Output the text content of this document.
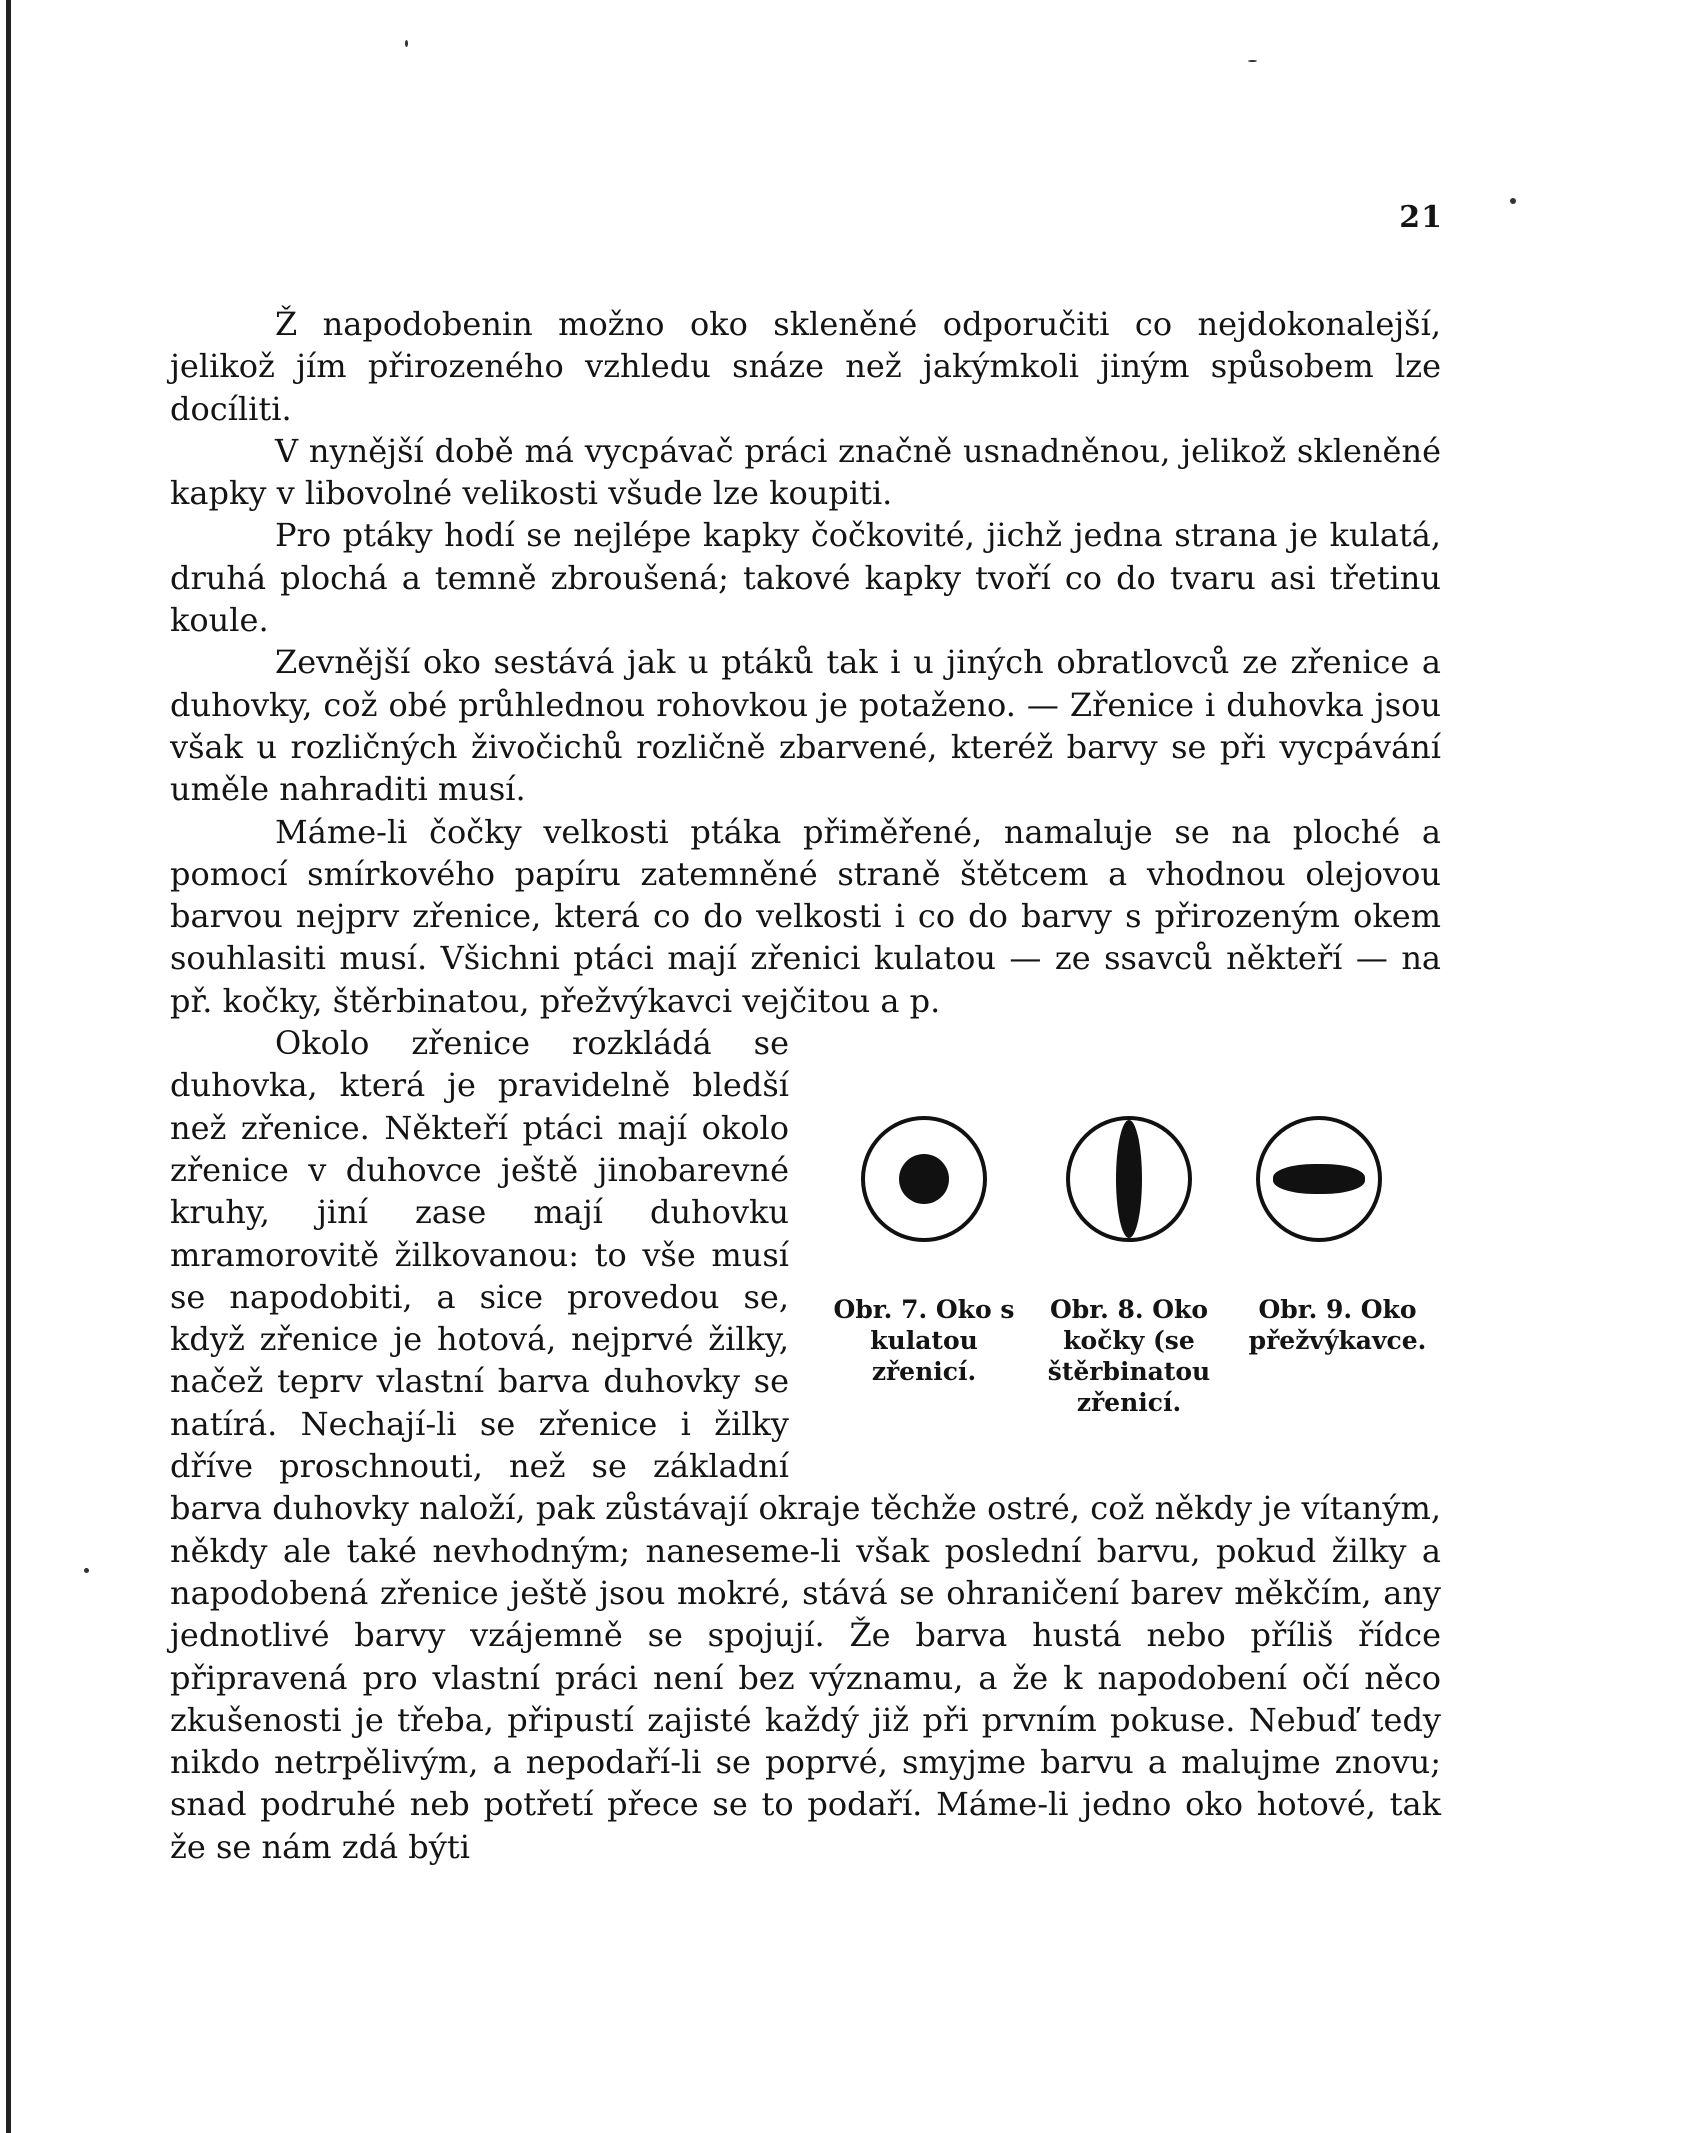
21

Ž napodobenin možno oko skleněné odporučiti co nejdokonalejší, jelikož jím přirozeného vzhledu snáze než jakýmkoli jiným spůsobem lze docíliti.

V nynější době má vycpávač práci značně usnadněnou, jelikož skleněné kapky v libovolné velikosti všude lze koupiti.

Pro ptáky hodí se nejlépe kapky čočkovité, jichž jedna strana je kulatá, druhá plochá a temně zbroušená; takové kapky tvoří co do tvaru asi třetinu koule.

Zevnější oko sestává jak u ptáků tak i u jiných obratlovců ze zřenice a duhovky, což obé průhlednou rohovkou je potaženo. — Zřenice i duhovka jsou však u rozličných živočichů rozličně zbarvené, kteréž barvy se při vycpávání uměle nahraditi musí.

Máme-li čočky velkosti ptáka přiměřené, namaluje se na ploché a pomocí smírkového papíru zatemněné straně štětcem a vhodnou olejovou barvou nejprv zřenice, která co do velkosti i co do barvy s přirozeným okem souhlasiti musí. Všichni ptáci mají zřenici kulatou — ze ssavců někteří — na př. kočky, štěrbinatou, přežvýkavci vejčitou a p.

Obr. 7. Oko s kulatou zřenicí.
Obr. 8. Oko kočky (se štěrbinatou zřenicí.
Obr. 9. Oko přežvýkavce.

Okolo zřenice rozkládá se duhovka, která je pravidelně bledší než zřenice. Někteří ptáci mají okolo zřenice v duhovce ještě jinobarevné kruhy, jiní zase mají duhovku mramorovitě žilkovanou: to vše musí se napodobiti, a sice provedou se, když zřenice je hotová, nejprvé žilky, načež teprv vlastní barva duhovky se natírá. Nechají-li se zřenice i žilky dříve proschnouti, než se základní barva duhovky naloží, pak zůstávají okraje těchže ostré, což někdy je vítaným, někdy ale také nevhodným; naneseme-li však poslední barvu, pokud žilky a napodobená zřenice ještě jsou mokré, stává se ohraničení barev měkčím, any jednotlivé barvy vzájemně se spojují. Že barva hustá nebo příliš řídce připravená pro vlastní práci není bez významu, a že k napodobení očí něco zkušenosti je třeba, připustí zajisté každý již při prvním pokuse. Nebuď tedy nikdo netrpělivým, a nepodaří-li se poprvé, smyjme barvu a malujme znovu; snad podruhé neb potřetí přece se to podaří. Máme-li jedno oko hotové, tak že se nám zdá býti
